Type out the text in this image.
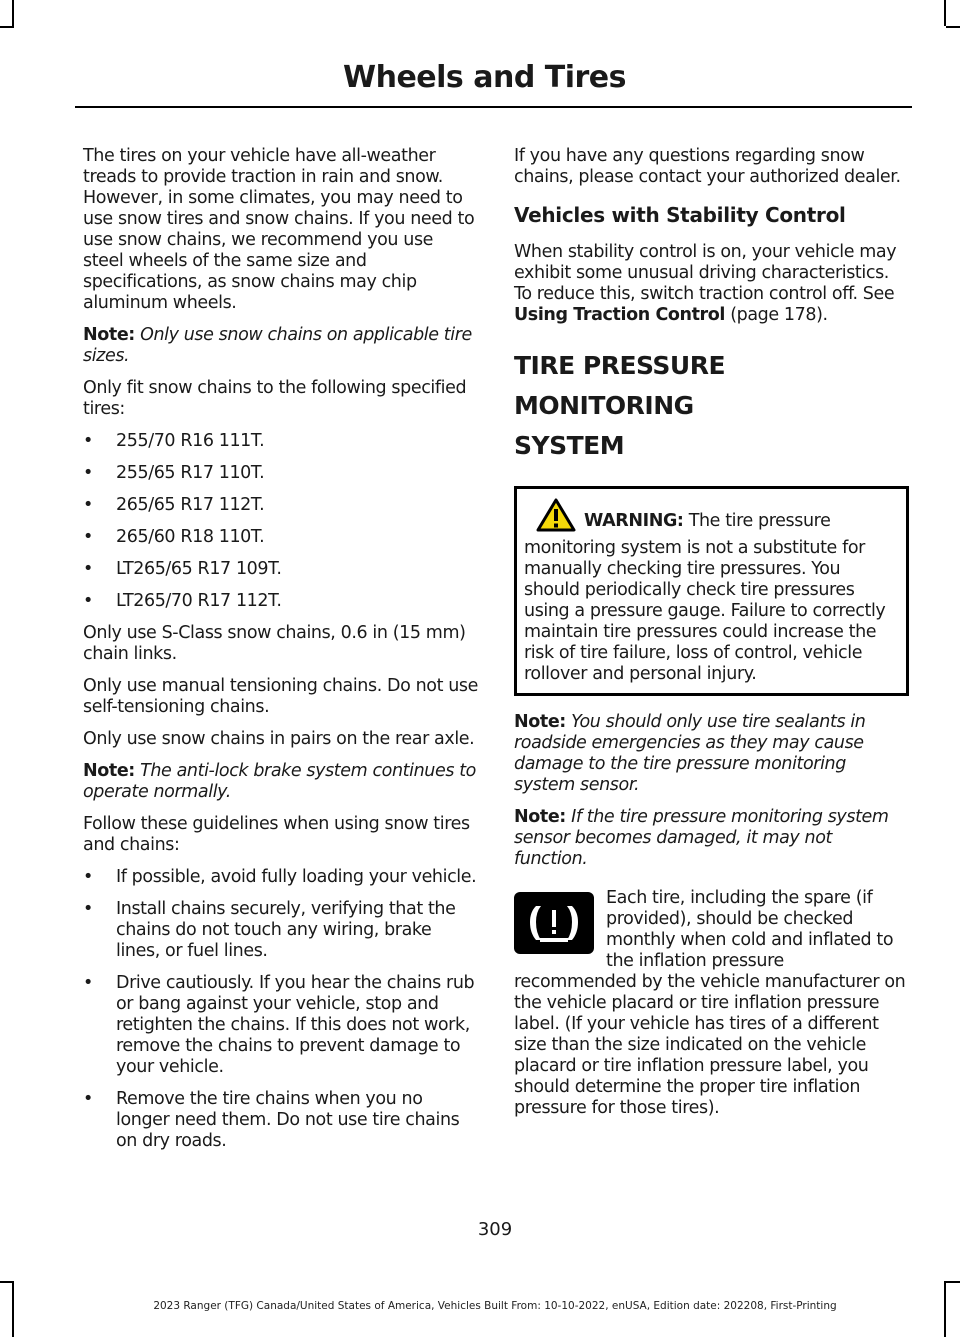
Wheels and Tires

The tires on your vehicle have all-weather treads to provide traction in rain and snow. However, in some climates, you may need to use snow tires and snow chains. If you need to use snow chains, we recommend you use steel wheels of the same size and specifications, as snow chains may chip aluminum wheels.

Note: Only use snow chains on applicable tire sizes.

Only fit snow chains to the following specified tires:

• 255/70 R16 111T.
• 255/65 R17 110T.
• 265/65 R17 112T.
• 265/60 R18 110T.
• LT265/65 R17 109T.
• LT265/70 R17 112T.

Only use S-Class snow chains, 0.6 in (15 mm) chain links.

Only use manual tensioning chains. Do not use self-tensioning chains.

Only use snow chains in pairs on the rear axle.

Note: The anti-lock brake system continues to operate normally.

Follow these guidelines when using snow tires and chains:

• If possible, avoid fully loading your vehicle.
• Install chains securely, verifying that the chains do not touch any wiring, brake lines, or fuel lines.
• Drive cautiously. If you hear the chains rub or bang against your vehicle, stop and retighten the chains. If this does not work, remove the chains to prevent damage to your vehicle.
• Remove the tire chains when you no longer need them. Do not use tire chains on dry roads.

If you have any questions regarding snow chains, please contact your authorized dealer.

Vehicles with Stability Control

When stability control is on, your vehicle may exhibit some unusual driving characteristics. To reduce this, switch traction control off. See Using Traction Control (page 178).

TIRE PRESSURE MONITORING
SYSTEM
WARNING: The tire pressure monitoring system is not a substitute for manually checking tire pressures. You should periodically check tire pressures using a pressure gauge. Failure to correctly maintain tire pressures could increase the risk of tire failure, loss of control, vehicle rollover and personal injury.

Note: You should only use tire sealants in roadside emergencies as they may cause damage to the tire pressure monitoring system sensor.

Note: If the tire pressure monitoring system sensor becomes damaged, it may not function.

Each tire, including the spare (if provided), should be checked monthly when cold and inflated to the inflation pressure recommended by the vehicle manufacturer on the vehicle placard or tire inflation pressure label. (If your vehicle has tires of a different size than the size indicated on the vehicle placard or tire inflation pressure label, you should determine the proper tire inflation pressure for those tires).
309
2023 Ranger (TFG) Canada/United States of America, Vehicles Built From: 10-10-2022, enUSA, Edition date: 202208, First-Printing
